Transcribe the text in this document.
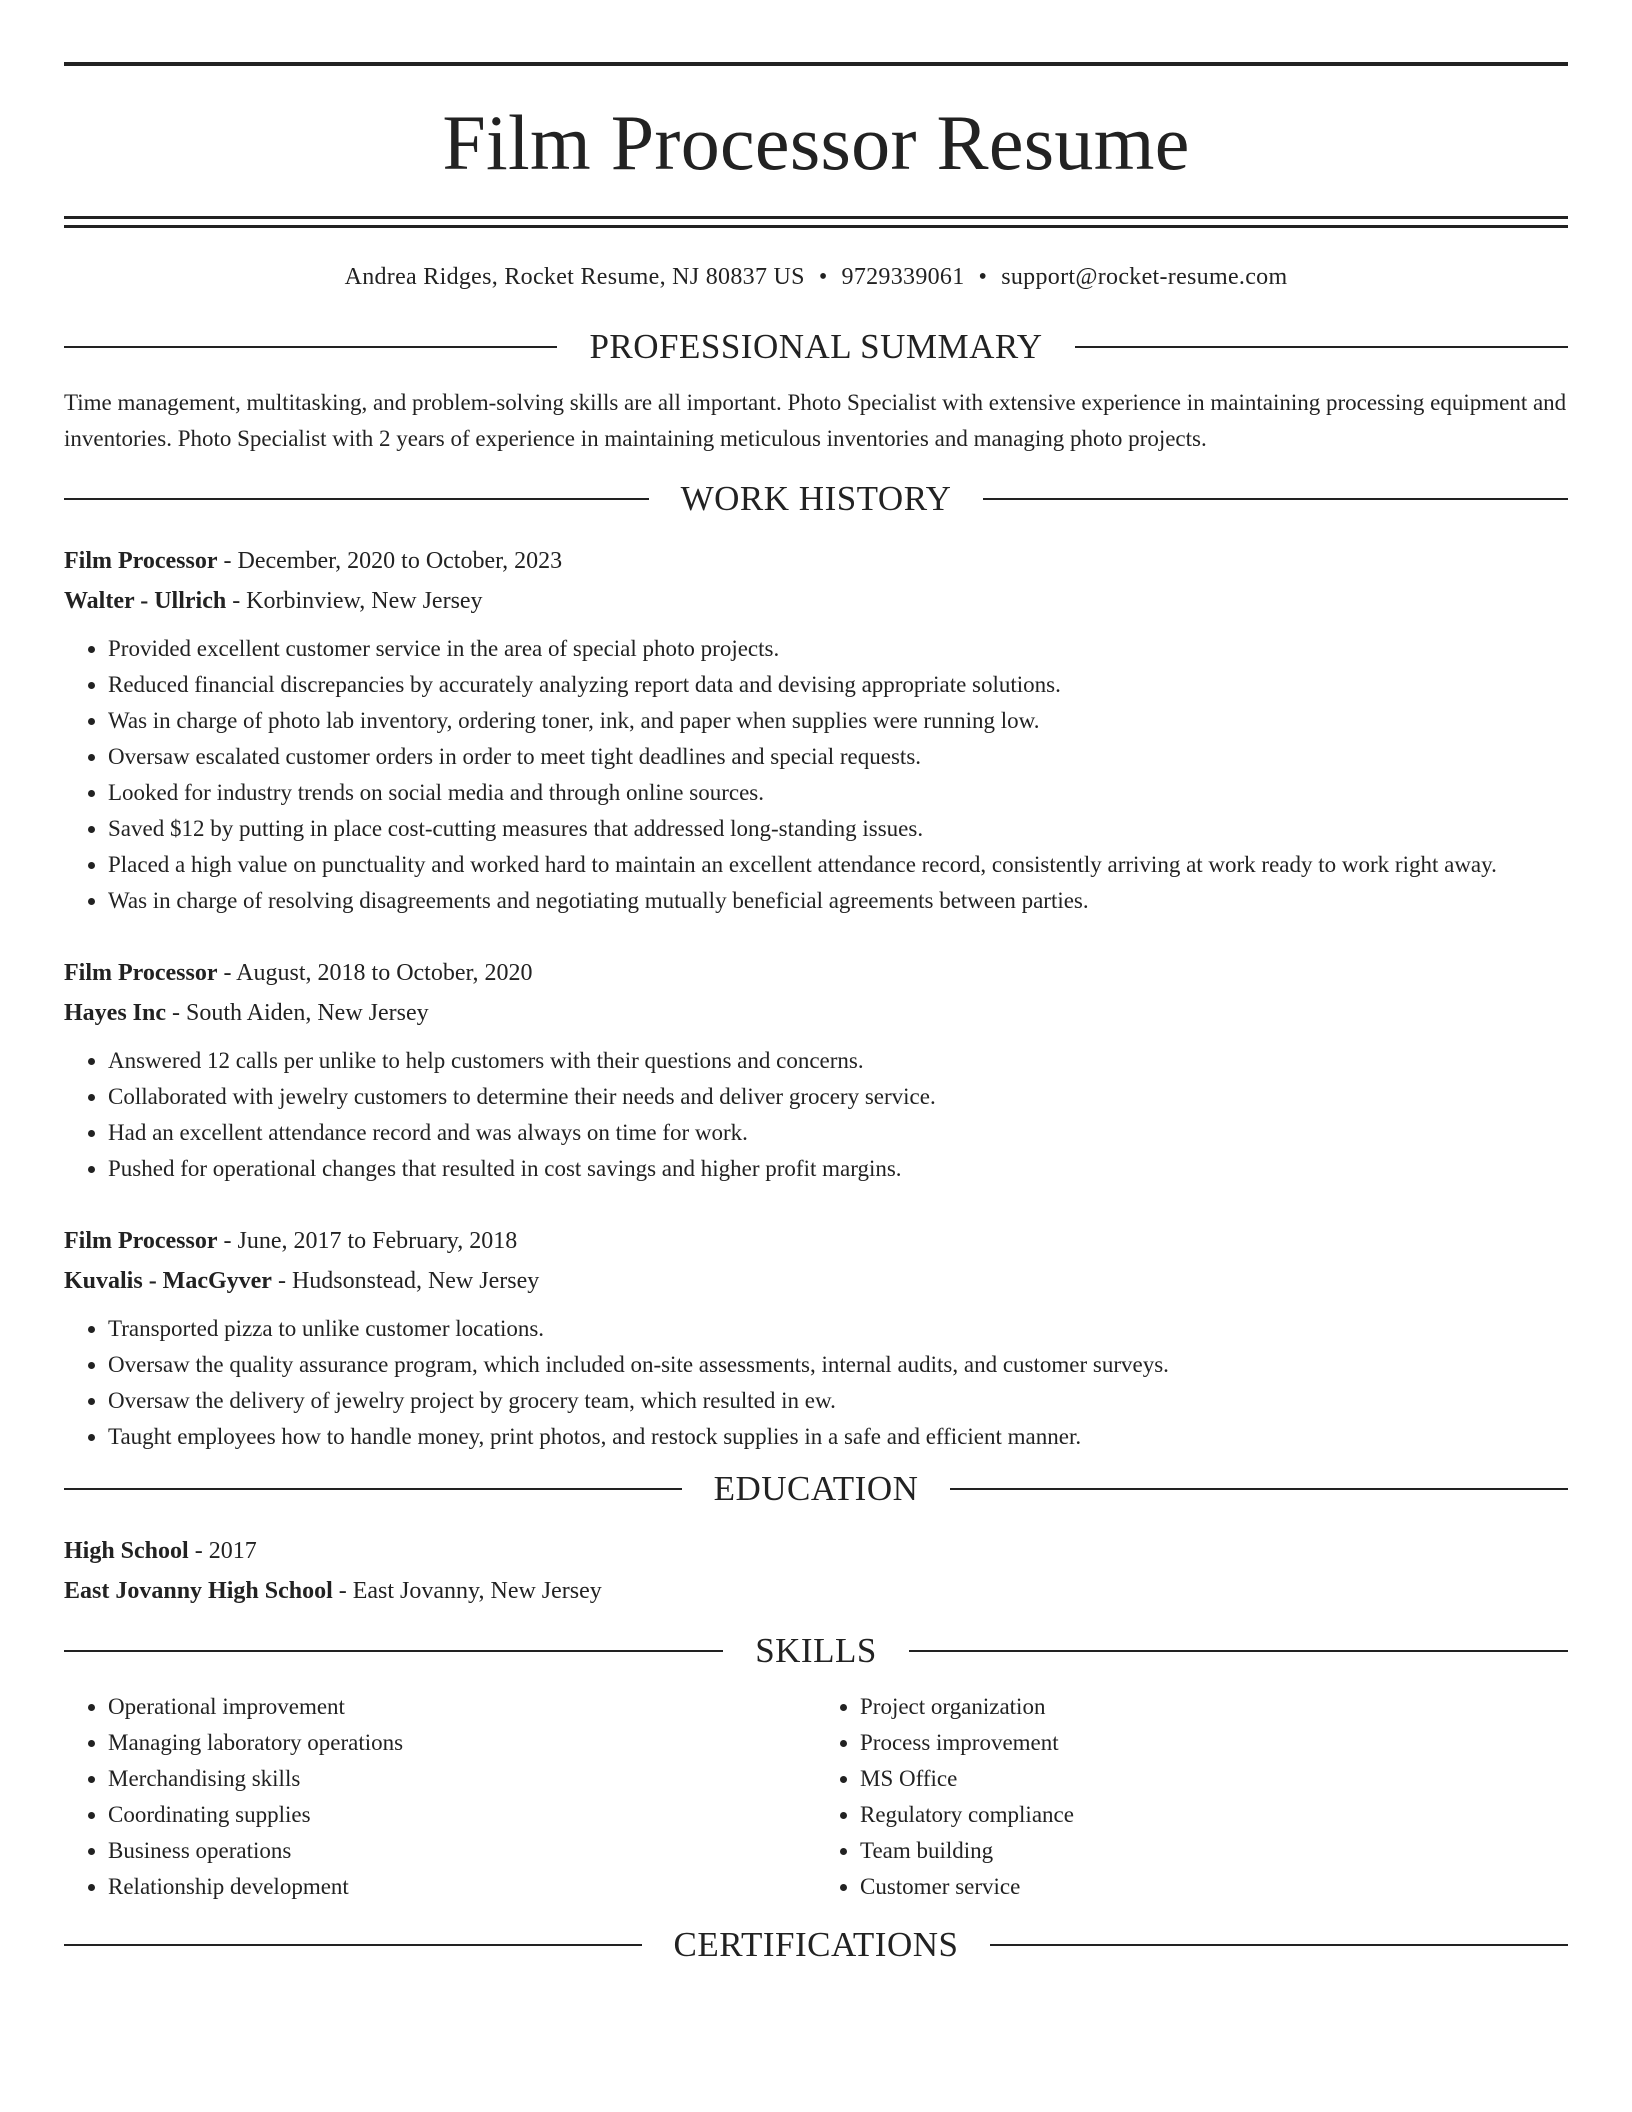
Film Processor Resume
Andrea Ridges, Rocket Resume, NJ 80837 US • 9729339061 • support@rocket-resume.com
PROFESSIONAL SUMMARY
Time management, multitasking, and problem-solving skills are all important. Photo Specialist with extensive experience in maintaining processing equipment and inventories. Photo Specialist with 2 years of experience in maintaining meticulous inventories and managing photo projects.
WORK HISTORY
Film Processor - December, 2020 to October, 2023
Walter - Ullrich - Korbinview, New Jersey
• Provided excellent customer service in the area of special photo projects.
• Reduced financial discrepancies by accurately analyzing report data and devising appropriate solutions.
• Was in charge of photo lab inventory, ordering toner, ink, and paper when supplies were running low.
• Oversaw escalated customer orders in order to meet tight deadlines and special requests.
• Looked for industry trends on social media and through online sources.
• Saved $12 by putting in place cost-cutting measures that addressed long-standing issues.
• Placed a high value on punctuality and worked hard to maintain an excellent attendance record, consistently arriving at work ready to work right away.
• Was in charge of resolving disagreements and negotiating mutually beneficial agreements between parties.
Film Processor - August, 2018 to October, 2020
Hayes Inc - South Aiden, New Jersey
• Answered 12 calls per unlike to help customers with their questions and concerns.
• Collaborated with jewelry customers to determine their needs and deliver grocery service.
• Had an excellent attendance record and was always on time for work.
• Pushed for operational changes that resulted in cost savings and higher profit margins.
Film Processor - June, 2017 to February, 2018
Kuvalis - MacGyver - Hudsonstead, New Jersey
• Transported pizza to unlike customer locations.
• Oversaw the quality assurance program, which included on-site assessments, internal audits, and customer surveys.
• Oversaw the delivery of jewelry project by grocery team, which resulted in ew.
• Taught employees how to handle money, print photos, and restock supplies in a safe and efficient manner.
EDUCATION
High School - 2017
East Jovanny High School - East Jovanny, New Jersey
SKILLS
• Operational improvement
• Managing laboratory operations
• Merchandising skills
• Coordinating supplies
• Business operations
• Relationship development
• Project organization
• Process improvement
• MS Office
• Regulatory compliance
• Team building
• Customer service
CERTIFICATIONS
